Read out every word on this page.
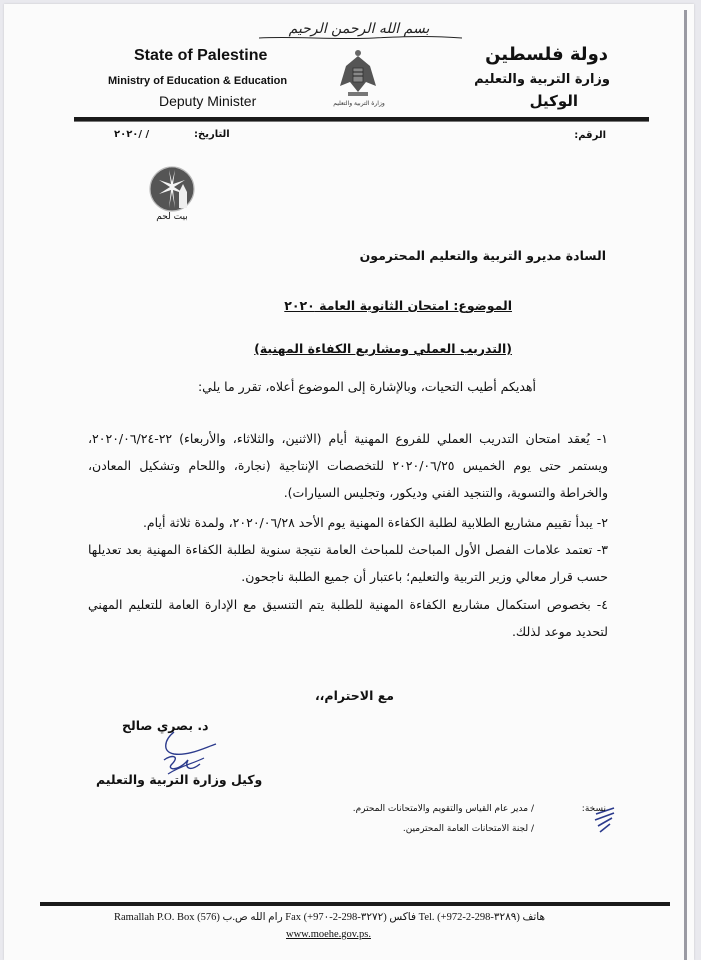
بسم الله الرحمن الرحيم
State of Palestine
Ministry of Education & Education
Deputy Minister
دولة فلسطين
وزارة التربية والتعليم
الوكيل
وزارة التربية والتعليم
الرقم:
التاريخ:
/ /٢٠٢٠
2020
بيت لحم
السادة مديرو التربية والتعليم المحترمون
الموضوع: امتحان الثانوية العامة ٢٠٢٠
(التدريب العملي ومشاريع الكفاءة المهنية)
أهديكم أطيب التحيات، وبالإشارة إلى الموضوع أعلاه، تقرر ما يلي:
١- يُعقد امتحان التدريب العملي للفروع المهنية أيام (الاثنين، والثلاثاء، والأربعاء) ٢٢-٢٠٢٠/٠٦/٢٤، ويستمر حتى يوم الخميس ٢٠٢٠/٠٦/٢٥ للتخصصات الإنتاجية (نجارة، واللحام وتشكيل المعادن، والخراطة والتسوية، والتنجيد الفني وديكور، وتجليس السيارات).
٢- يبدأ تقييم مشاريع الطلابية لطلبة الكفاءة المهنية يوم الأحد ٢٠٢٠/٠٦/٢٨، ولمدة ثلاثة أيام.
٣- تعتمد علامات الفصل الأول المباحث للمباحث العامة نتيجة سنوية لطلبة الكفاءة المهنية بعد تعديلها حسب قرار معالي وزير التربية والتعليم؛ باعتبار أن جميع الطلبة ناجحون.
٤- بخصوص استكمال مشاريع الكفاءة المهنية للطلبة يتم التنسيق مع الإدارة العامة للتعليم المهني لتحديد موعد لذلك.
مع الاحترام،،
د. بصري صالح
وكيل وزارة التربية والتعليم
نسخة:
/ مدير عام القياس والتقويم والامتحانات المحترم.
/ لجنة الامتحانات العامة المحترمين.
Ramallah P.O. Box (576) رام الله ص.ب Fax (+97٠-2-298-٣٢٧٢) فاكس Tel. (+972-2-298-٣٢٨٩) هاتف
www.moehe.gov.ps.
